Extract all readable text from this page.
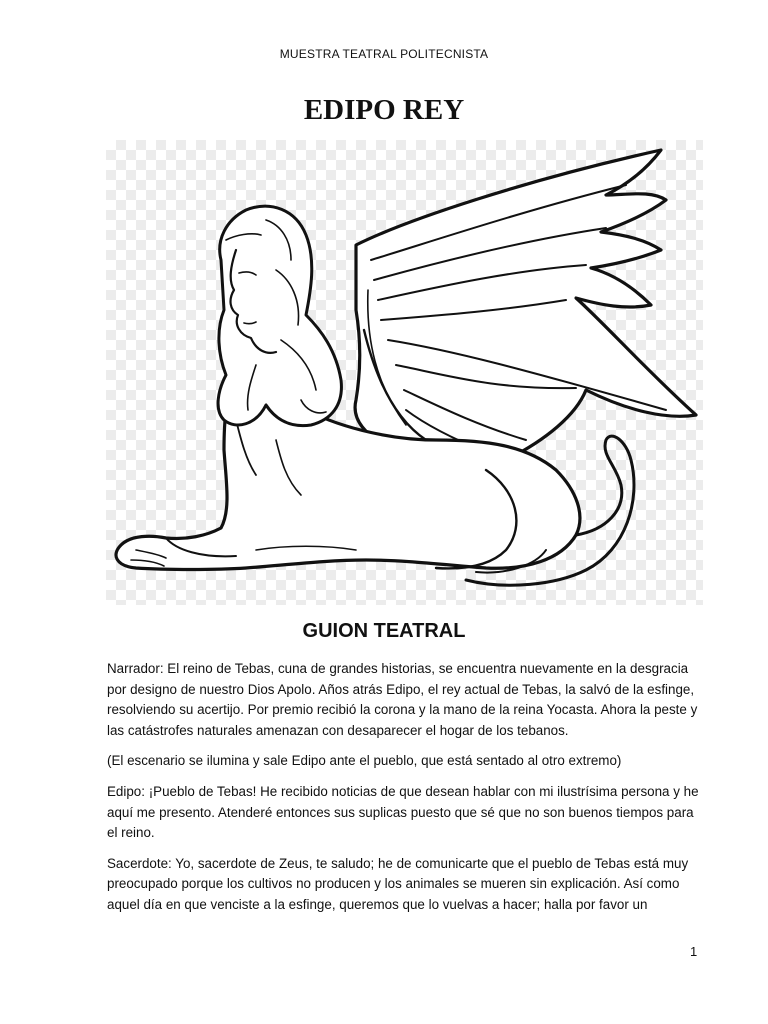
MUESTRA TEATRAL POLITECNISTA
EDIPO REY
GUION TEATRAL

Narrador: El reino de Tebas, cuna de grandes historias, se encuentra nuevamente en la desgracia por designo de nuestro Dios Apolo. Años atrás Edipo, el rey actual de Tebas, la salvó de la esfinge, resolviendo su acertijo. Por premio recibió la corona y la mano de la reina Yocasta. Ahora la peste y las catástrofes naturales amenazan con desaparecer el hogar de los tebanos.

(El escenario se ilumina y sale Edipo ante el pueblo, que está sentado al otro extremo)

Edipo: ¡Pueblo de Tebas! He recibido noticias de que desean hablar con mi ilustrísima persona y he aquí me presento. Atenderé entonces sus suplicas puesto que sé que no son buenos tiempos para el reino.

Sacerdote: Yo, sacerdote de Zeus, te saludo; he de comunicarte que el pueblo de Tebas está muy preocupado porque los cultivos no producen y los animales se mueren sin explicación. Así como aquel día en que venciste a la esfinge, queremos que lo vuelvas a hacer; halla por favor un

1
